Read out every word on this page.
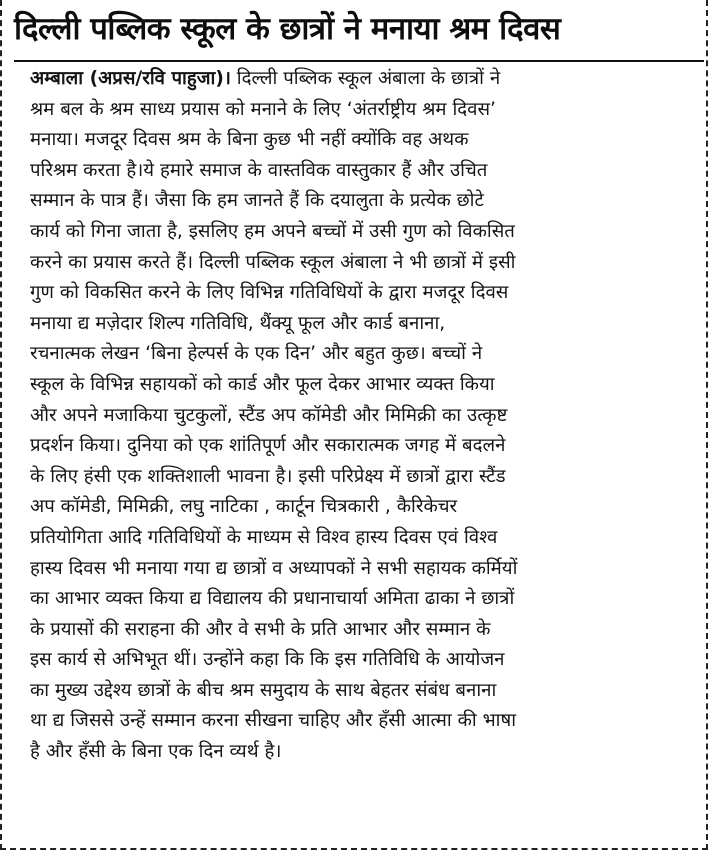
दिल्ली पब्लिक स्कूल के छात्रों ने मनाया श्रम दिवस
अम्बाला (अप्रस/रवि पाहुजा)। दिल्ली पब्लिक स्कूल अंबाला के छात्रों ने
श्रम बल के श्रम साध्य प्रयास को मनाने के लिए ‘अंतर्राष्ट्रीय श्रम दिवस’
मनाया। मजदूर दिवस श्रम के बिना कुछ भी नहीं क्योंकि वह अथक
परिश्रम करता है।ये हमारे समाज के वास्तविक वास्तुकार हैं और उचित
सम्मान के पात्र हैं। जैसा कि हम जानते हैं कि दयालुता के प्रत्येक छोटे
कार्य को गिना जाता है, इसलिए हम अपने बच्चों में उसी गुण को विकसित
करने का प्रयास करते हैं। दिल्ली पब्लिक स्कूल अंबाला ने भी छात्रों में इसी
गुण को विकसित करने के लिए विभिन्न गतिविधियों के द्वारा मजदूर दिवस
मनाया द्य मज़ेदार शिल्प गतिविधि, थैंक्यू फूल और कार्ड बनाना,
रचनात्मक लेखन ‘बिना हेल्पर्स के एक दिन’ और बहुत कुछ। बच्चों ने
स्कूल के विभिन्न सहायकों को कार्ड और फूल देकर आभार व्यक्त किया
और अपने मजाकिया चुटकुलों, स्टैंड अप कॉमेडी और मिमिक्री का उत्कृष्ट
प्रदर्शन किया। दुनिया को एक शांतिपूर्ण और सकारात्मक जगह में बदलने
के लिए हंसी एक शक्तिशाली भावना है। इसी परिप्रेक्ष्य में छात्रों द्वारा स्टैंड
अप कॉमेडी, मिमिक्री, लघु नाटिका , कार्टून चित्रकारी , कैरिकेचर
प्रतियोगिता आदि गतिविधियों के माध्यम से विश्व हास्य दिवस एवं विश्व
हास्य दिवस भी मनाया गया द्य छात्रों व अध्यापकों ने सभी सहायक कर्मियों
का आभार व्यक्त किया द्य विद्यालय की प्रधानाचार्या अमिता ढाका ने छात्रों
के प्रयासों की सराहना की और वे सभी के प्रति आभार और सम्मान के
इस कार्य से अभिभूत थीं। उन्होंने कहा कि कि इस गतिविधि के आयोजन
का मुख्य उद्देश्य छात्रों के बीच श्रम समुदाय के साथ बेहतर संबंध बनाना
था द्य जिससे उन्हें सम्मान करना सीखना चाहिए और हँसी आत्मा की भाषा
है और हँसी के बिना एक दिन व्यर्थ है।
